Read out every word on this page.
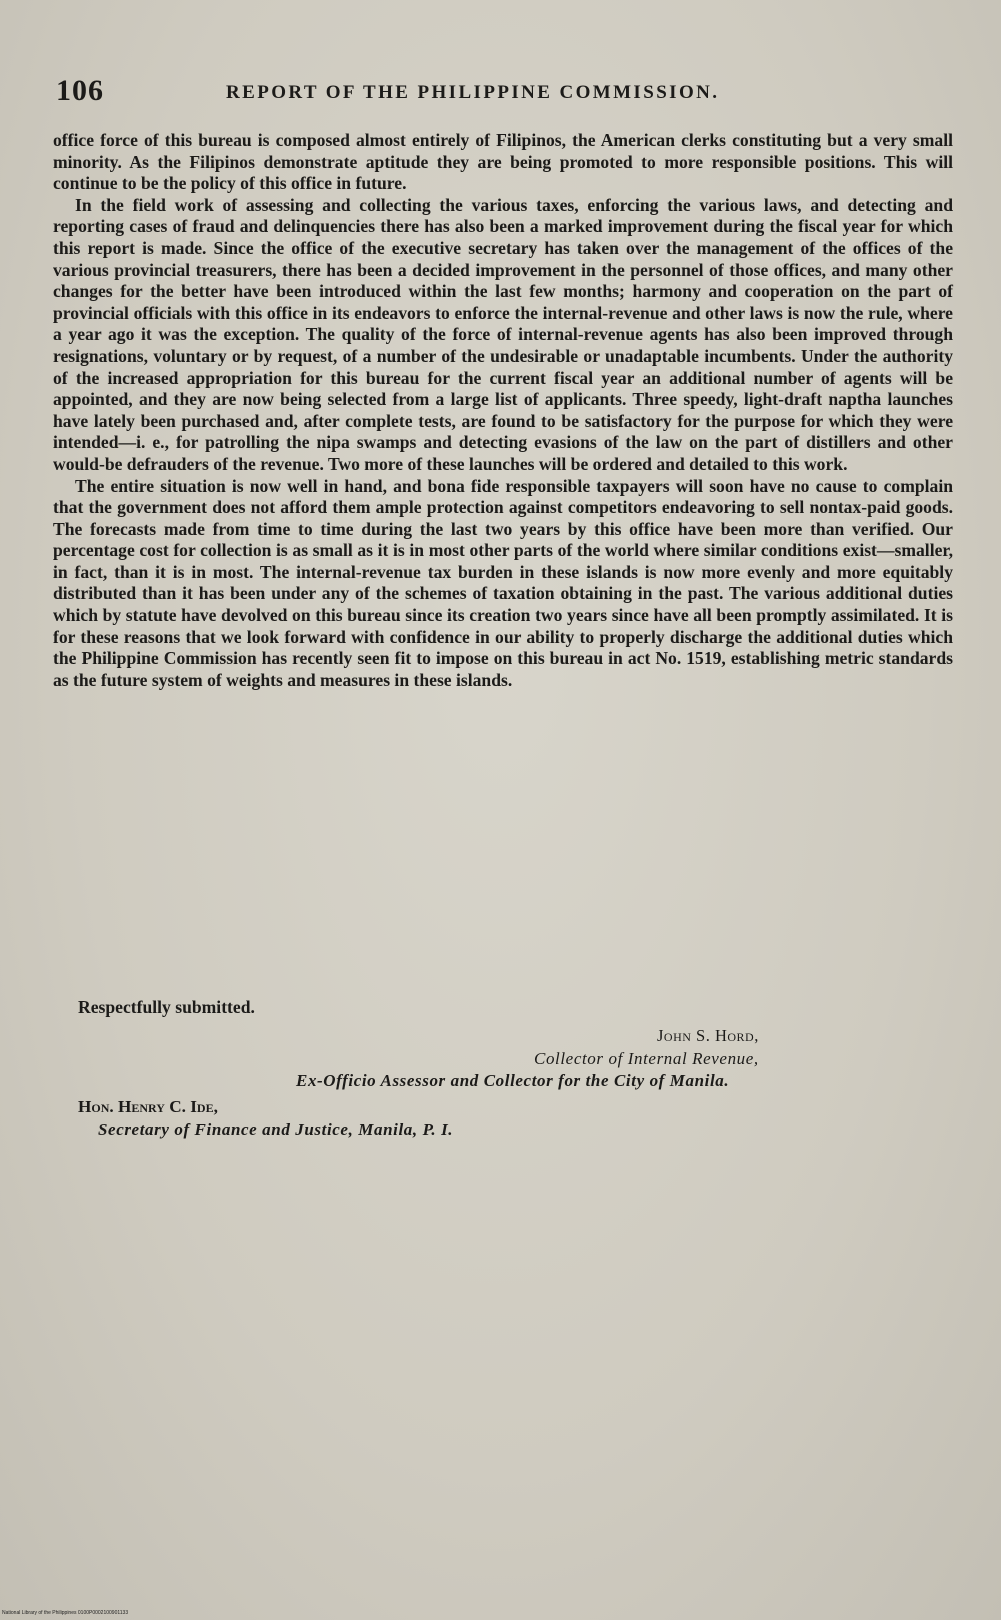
106	REPORT OF THE PHILIPPINE COMMISSION.

office force of this bureau is composed almost entirely of Filipinos, the American clerks constituting but a very small minority. As the Filipinos demonstrate aptitude they are being promoted to more responsible positions. This will continue to be the policy of this office in future.

In the field work of assessing and collecting the various taxes, enforcing the various laws, and detecting and reporting cases of fraud and delinquencies there has also been a marked improvement during the fiscal year for which this report is made. Since the office of the executive secretary has taken over the management of the offices of the various provincial treasurers, there has been a decided improvement in the personnel of those offices, and many other changes for the better have been introduced within the last few months; harmony and cooperation on the part of provincial officials with this office in its endeavors to enforce the internal-revenue and other laws is now the rule, where a year ago it was the exception. The quality of the force of internal-revenue agents has also been improved through resignations, voluntary or by request, of a number of the undesirable or unadaptable incumbents. Under the authority of the increased appropriation for this bureau for the current fiscal year an additional number of agents will be appointed, and they are now being selected from a large list of applicants. Three speedy, light-draft naptha launches have lately been purchased and, after complete tests, are found to be satisfactory for the purpose for which they were intended—i. e., for patrolling the nipa swamps and detecting evasions of the law on the part of distillers and other would-be defrauders of the revenue. Two more of these launches will be ordered and detailed to this work.

The entire situation is now well in hand, and bona fide responsible taxpayers will soon have no cause to complain that the government does not afford them ample protection against competitors endeavoring to sell nontax-paid goods. The forecasts made from time to time during the last two years by this office have been more than verified. Our percentage cost for collection is as small as it is in most other parts of the world where similar conditions exist—smaller, in fact, than it is in most. The internal-revenue tax burden in these islands is now more evenly and more equitably distributed than it has been under any of the schemes of taxation obtaining in the past. The various additional duties which by statute have devolved on this bureau since its creation two years since have all been promptly assimilated. It is for these reasons that we look forward with confidence in our ability to properly discharge the additional duties which the Philippine Commission has recently seen fit to impose on this bureau in act No. 1519, establishing metric standards as the future system of weights and measures in these islands.

Respectfully submitted.
John S. Hord,
Collector of Internal Revenue,
Ex-Officio Assessor and Collector for the City of Manila.
Hon. Henry C. Ide,
Secretary of Finance and Justice, Manila, P. I.
National Library of the Philippines 0100P0002100901133
